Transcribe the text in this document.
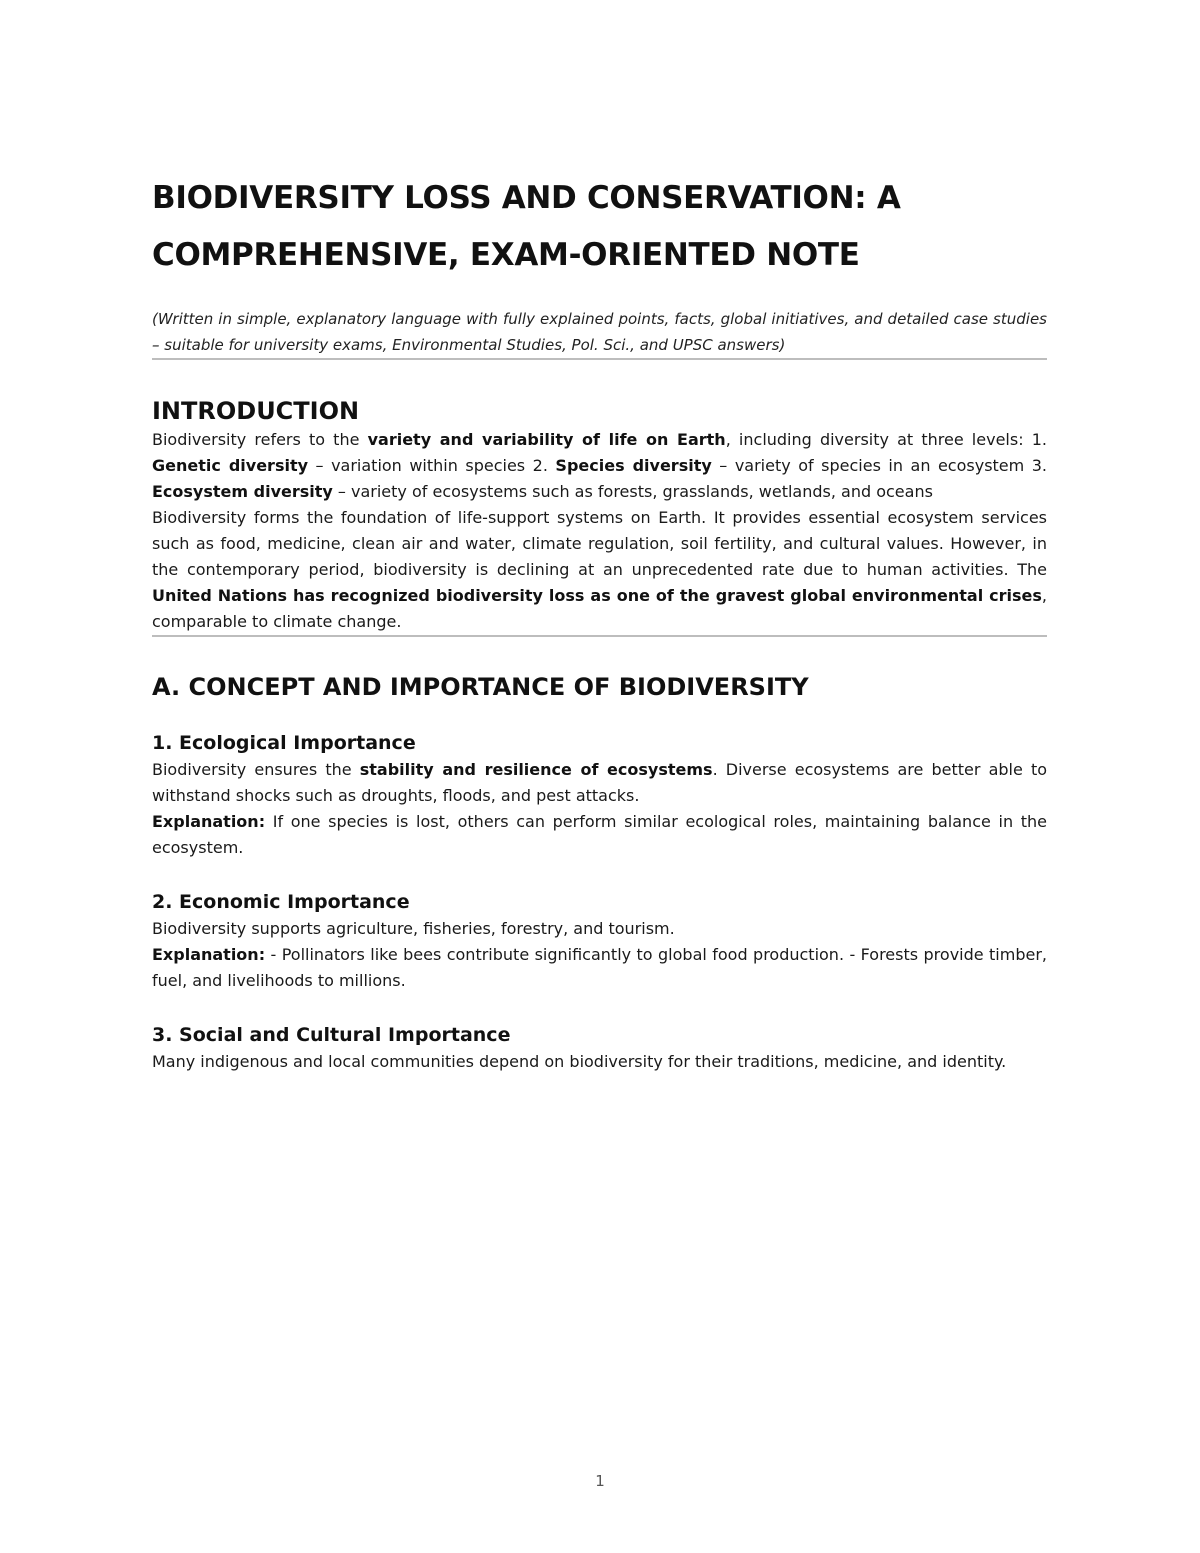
BIODIVERSITY LOSS AND CONSERVATION: A COMPREHENSIVE, EXAM-ORIENTED NOTE

(Written in simple, explanatory language with fully explained points, facts, global initiatives, and detailed case studies – suitable for university exams, Environmental Studies, Pol. Sci., and UPSC answers)

INTRODUCTION

Biodiversity refers to the variety and variability of life on Earth, including diversity at three levels: 1. Genetic diversity – variation within species 2. Species diversity – variety of species in an ecosystem 3. Ecosystem diversity – variety of ecosystems such as forests, grasslands, wetlands, and oceans

Biodiversity forms the foundation of life-support systems on Earth. It provides essential ecosystem services such as food, medicine, clean air and water, climate regulation, soil fertility, and cultural values. However, in the contemporary period, biodiversity is declining at an unprecedented rate due to human activities. The United Nations has recognized biodiversity loss as one of the gravest global environmental crises, comparable to climate change.

A. CONCEPT AND IMPORTANCE OF BIODIVERSITY
1. Ecological Importance

Biodiversity ensures the stability and resilience of ecosystems. Diverse ecosystems are better able to withstand shocks such as droughts, floods, and pest attacks.

Explanation: If one species is lost, others can perform similar ecological roles, maintaining balance in the ecosystem.

2. Economic Importance

Biodiversity supports agriculture, fisheries, forestry, and tourism.

Explanation: - Pollinators like bees contribute significantly to global food production. - Forests provide timber, fuel, and livelihoods to millions.

3. Social and Cultural Importance

Many indigenous and local communities depend on biodiversity for their traditions, medicine, and identity.

1
